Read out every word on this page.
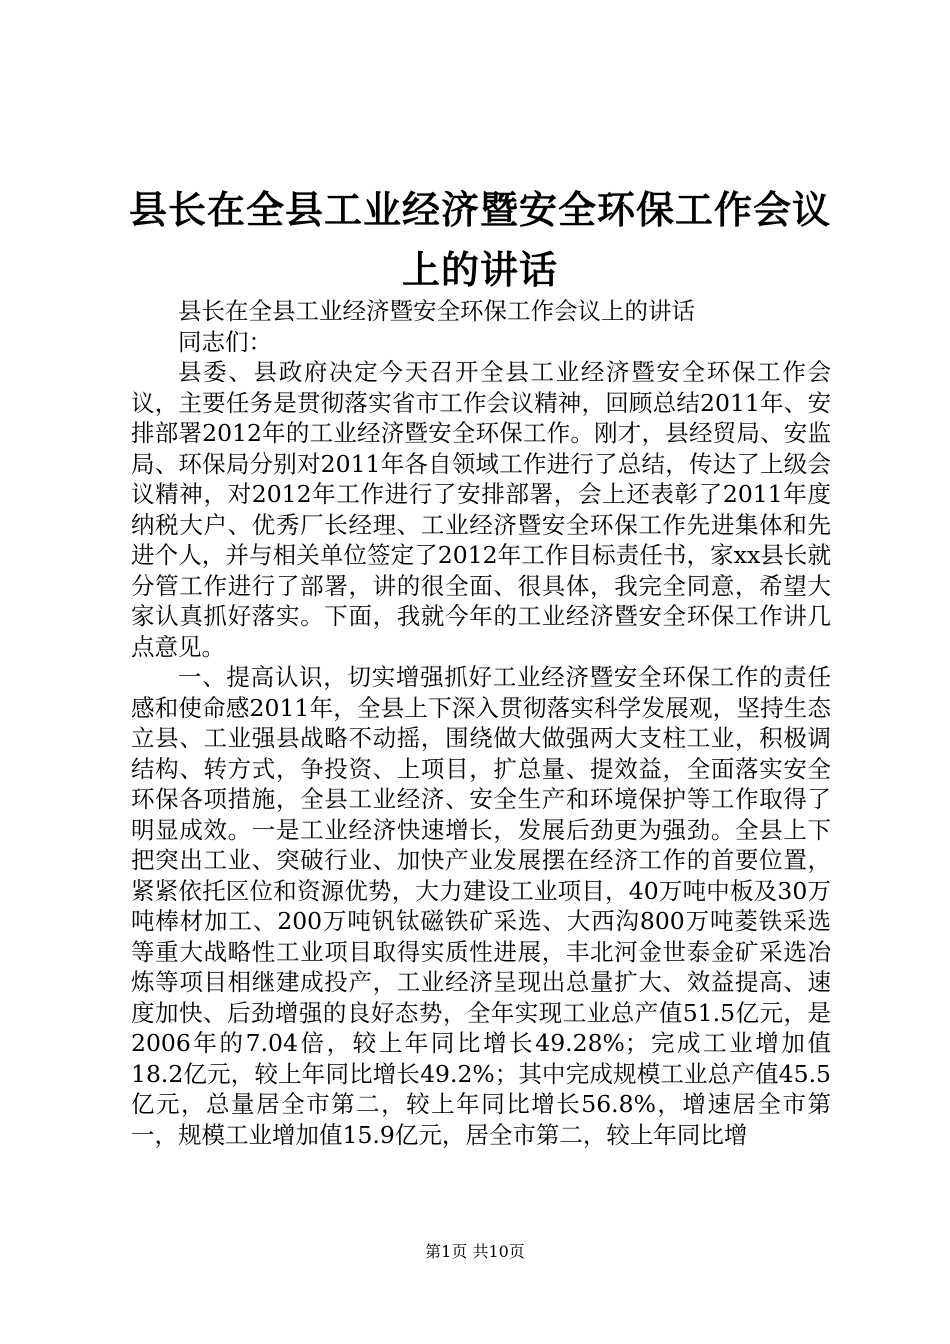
县长在全县工业经济暨安全环保工作会议上的讲话

县长在全县工业经济暨安全环保工作会议上的讲话

同志们：

县委、县政府决定今天召开全县工业经济暨安全环保工作会议，主要任务是贯彻落实省市工作会议精神，回顾总结2011年、安排部署2012年的工业经济暨安全环保工作。刚才，县经贸局、安监局、环保局分别对2011年各自领域工作进行了总结，传达了上级会议精神，对2012年工作进行了安排部署，会上还表彰了2011年度纳税大户、优秀厂长经理、工业经济暨安全环保工作先进集体和先进个人，并与相关单位签定了2012年工作目标责任书，家xx县长就分管工作进行了部署，讲的很全面、很具体，我完全同意，希望大家认真抓好落实。下面，我就今年的工业经济暨安全环保工作讲几点意见。

一、提高认识，切实增强抓好工业经济暨安全环保工作的责任感和使命感2011年，全县上下深入贯彻落实科学发展观，坚持生态立县、工业强县战略不动摇，围绕做大做强两大支柱工业，积极调结构、转方式，争投资、上项目，扩总量、提效益，全面落实安全环保各项措施，全县工业经济、安全生产和环境保护等工作取得了明显成效。一是工业经济快速增长，发展后劲更为强劲。全县上下把突出工业、突破行业、加快产业发展摆在经济工作的首要位置，紧紧依托区位和资源优势，大力建设工业项目，40万吨中板及30万吨棒材加工、200万吨钒钛磁铁矿采选、大西沟800万吨菱铁采选等重大战略性工业项目取得实质性进展，丰北河金世泰金矿采选冶炼等项目相继建成投产，工业经济呈现出总量扩大、效益提高、速度加快、后劲增强的良好态势，全年实现工业总产值51.5亿元，是2006年的7.04倍，较上年同比增长49.28%；完成工业增加值18.2亿元，较上年同比增长49.2%；其中完成规模工业总产值45.5亿元，总量居全市第二，较上年同比增长56.8%，增速居全市第一，规模工业增加值15.9亿元，居全市第二，较上年同比增

第1页 共10页
